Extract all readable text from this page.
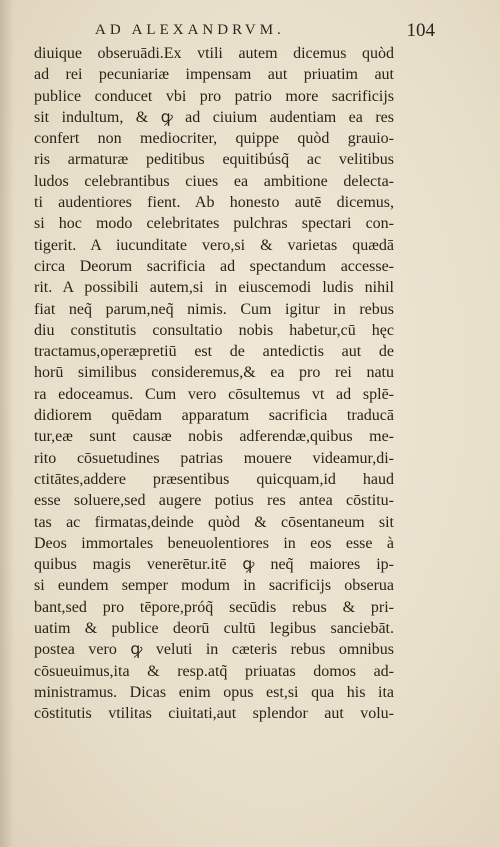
AD ALEXANDRVM.	104
diuique obseruādi.Ex vtili autem dicemus quòd
ad rei pecuniariæ impensam aut priuatim aut
publice conducet vbi pro patrio more sacrificijs
sit indultum, & ꝙ ad ciuium audentiam ea res
confert non mediocriter, quippe quòd grauio-
ris armaturæ peditibus equitibúsq̃ ac velitibus
ludos celebrantibus ciues ea ambitione delecta-
ti audentiores fient. Ab honesto autē dicemus,
si hoc modo celebritates pulchras spectari con-
tigerit. A iucunditate vero,si & varietas quædā
circa Deorum sacrificia ad spectandum accesse-
rit. A possibili autem,si in eiuscemodi ludis nihil
fiat neq̃ parum,neq̃ nimis. Cum igitur in rebus
diu constitutis consultatio nobis habetur,cū hęc
tractamus,operæpretiū est de antedictis aut de
horū similibus consideremus,& ea pro rei natu
ra edoceamus. Cum vero cōsultemus vt ad splē-
didiorem quēdam apparatum sacrificia traducā
tur,eæ sunt causæ nobis adferendæ,quibus me-
rito cōsuetudines patrias mouere videamur,di-
ctitātes,addere præsentibus quicquam,id haud
esse soluere,sed augere potius res antea cōstitu-
tas ac firmatas,deinde quòd & cōsentaneum sit
Deos immortales beneuolentiores in eos esse à
quibus magis venerētur.itē ꝙ neq̃ maiores ip-
si eundem semper modum in sacrificijs obserua
bant,sed pro tēpore,próq̃ secūdis rebus & pri-
uatim & publice deorū cultū legibus sanciebāt.
postea vero ꝙ veluti in cæteris rebus omnibus
cōsueuimus,ita & resp.atq̃ priuatas domos ad-
ministramus. Dicas enim opus est,si qua his ita
cōstitutis vtilitas ciuitati,aut splendor aut volu-
